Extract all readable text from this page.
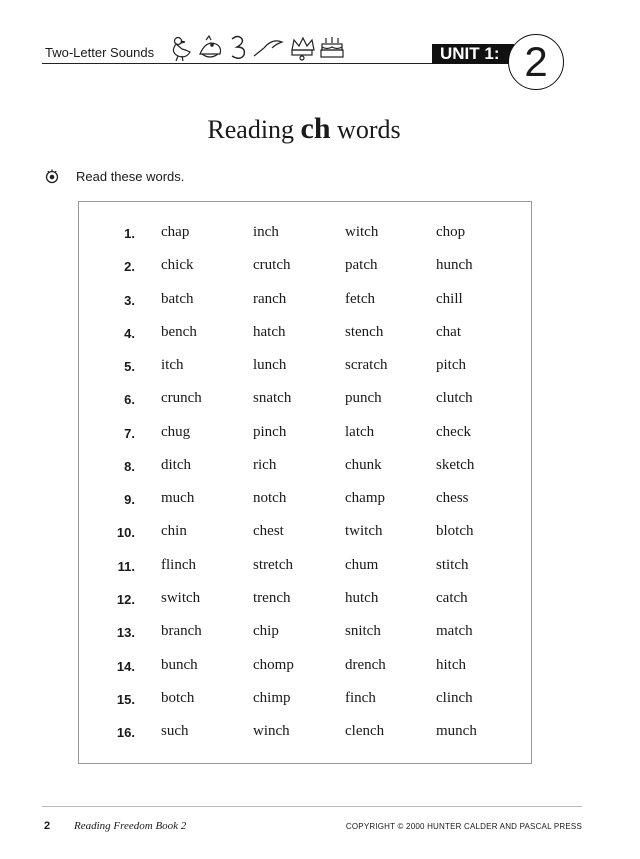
Two-Letter Sounds	UNIT 1: 2
Reading ch words
Read these words.
1. chap	inch	witch	chop
2. chick	crutch	patch	hunch
3. batch	ranch	fetch	chill
4. bench	hatch	stench	chat
5. itch	lunch	scratch	pitch
6. crunch	snatch	punch	clutch
7. chug	pinch	latch	check
8. ditch	rich	chunk	sketch
9. much	notch	champ	chess
10. chin	chest	twitch	blotch
11. flinch	stretch	chum	stitch
12. switch	trench	hutch	catch
13. branch	chip	snitch	match
14. bunch	chomp	drench	hitch
15. botch	chimp	finch	clinch
16. such	winch	clench	munch
2 Reading Freedom Book 2	COPYRIGHT © 2000 HUNTER CALDER AND PASCAL PRESS
